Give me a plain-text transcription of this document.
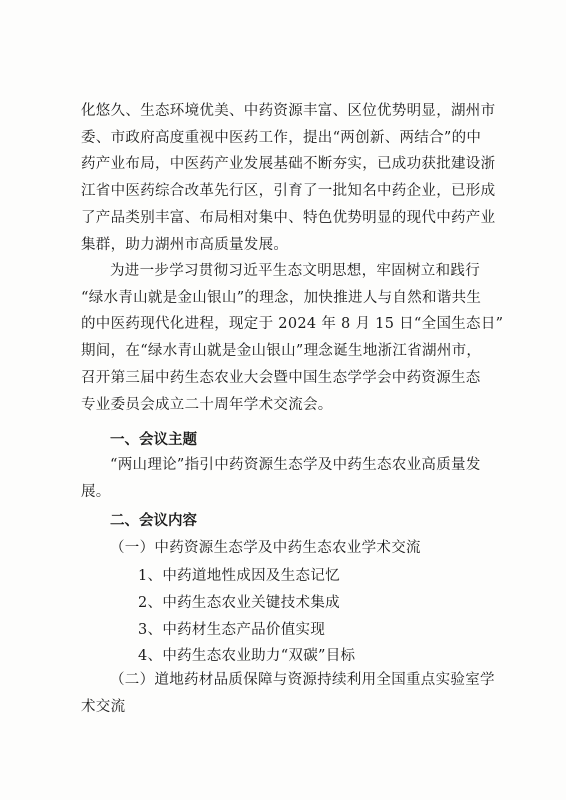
化悠久、生态环境优美、中药资源丰富、区位优势明显，湖州市
委、市政府高度重视中医药工作，提出“两创新、两结合”的中
药产业布局，中医药产业发展基础不断夯实，已成功获批建设浙
江省中医药综合改革先行区，引育了一批知名中药企业，已形成
了产品类别丰富、布局相对集中、特色优势明显的现代中药产业
集群，助力湖州市高质量发展。
为进一步学习贯彻习近平生态文明思想，牢固树立和践行
“绿水青山就是金山银山”的理念，加快推进人与自然和谐共生
的中医药现代化进程，现定于 2024 年 8 月 15 日“全国生态日”
期间，在“绿水青山就是金山银山”理念诞生地浙江省湖州市，
召开第三届中药生态农业大会暨中国生态学学会中药资源生态
专业委员会成立二十周年学术交流会。
一、会议主题
“两山理论”指引中药资源生态学及中药生态农业高质量发
展。
二、会议内容
（一）中药资源生态学及中药生态农业学术交流
1、中药道地性成因及生态记忆
2、中药生态农业关键技术集成
3、中药材生态产品价值实现
4、中药生态农业助力“双碳”目标
（二）道地药材品质保障与资源持续利用全国重点实验室学
术交流
